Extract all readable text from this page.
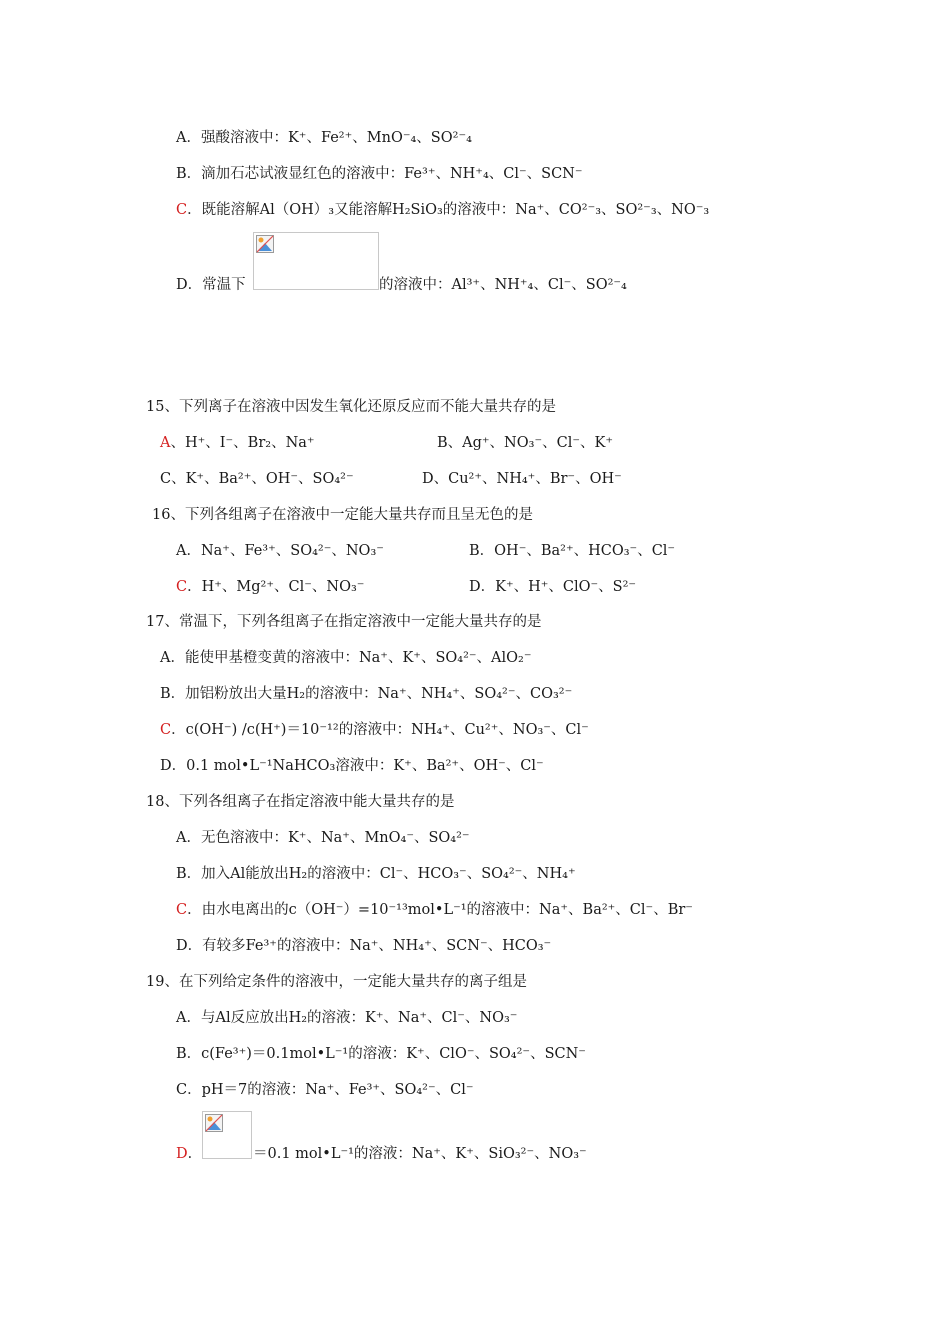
A．强酸溶液中：K⁺、Fe²⁺、MnO⁻₄、SO²⁻₄
B．滴加石芯试液显红色的溶液中：Fe³⁺、NH⁺₄、Cl⁻、SCN⁻
C．既能溶解Al（OH）₃又能溶解H₂SiO₃的溶液中：Na⁺、CO²⁻₃、SO²⁻₃、NO⁻₃
D．常温下	的溶液中：Al³⁺、NH⁺₄、Cl⁻、SO²⁻₄
15、下列离子在溶液中因发生氧化还原反应而不能大量共存的是
A、H⁺、I⁻、Br₂、Na⁺	B、Ag⁺、NO₃⁻、Cl⁻、K⁺
C、K⁺、Ba²⁺、OH⁻、SO₄²⁻	D、Cu²⁺、NH₄⁺、Br⁻、OH⁻
16、下列各组离子在溶液中一定能大量共存而且呈无色的是
A．Na⁺、Fe³⁺、SO₄²⁻、NO₃⁻	B．OH⁻、Ba²⁺、HCO₃⁻、Cl⁻
C．H⁺、Mg²⁺、Cl⁻、NO₃⁻	D．K⁺、H⁺、ClO⁻、S²⁻
17、常温下，下列各组离子在指定溶液中一定能大量共存的是
A．能使甲基橙变黄的溶液中：Na⁺、K⁺、SO₄²⁻、AlO₂⁻
B．加铝粉放出大量H₂的溶液中：Na⁺、NH₄⁺、SO₄²⁻、CO₃²⁻
C．c(OH⁻) /c(H⁺)＝10⁻¹²的溶液中：NH₄⁺、Cu²⁺、NO₃⁻、Cl⁻
D．0.1 mol•L⁻¹NaHCO₃溶液中：K⁺、Ba²⁺、OH⁻、Cl⁻
18、下列各组离子在指定溶液中能大量共存的是
A．无色溶液中：K⁺、Na⁺、MnO₄⁻、SO₄²⁻
B．加入Al能放出H₂的溶液中：Cl⁻、HCO₃⁻、SO₄²⁻、NH₄⁺
C．由水电离出的c（OH⁻）=10⁻¹³mol•L⁻¹的溶液中：Na⁺、Ba²⁺、Cl⁻、Br⁻
D．有较多Fe³⁺的溶液中：Na⁺、NH₄⁺、SCN⁻、HCO₃⁻
19、在下列给定条件的溶液中，一定能大量共存的离子组是
A．与Al反应放出H₂的溶液：K⁺、Na⁺、Cl⁻、NO₃⁻
B．c(Fe³⁺)＝0.1mol•L⁻¹的溶液：K⁺、ClO⁻、SO₄²⁻、SCN⁻
C．pH＝7的溶液：Na⁺、Fe³⁺、SO₄²⁻、Cl⁻
D．	＝0.1 mol•L⁻¹的溶液：Na⁺、K⁺、SiO₃²⁻、NO₃⁻
